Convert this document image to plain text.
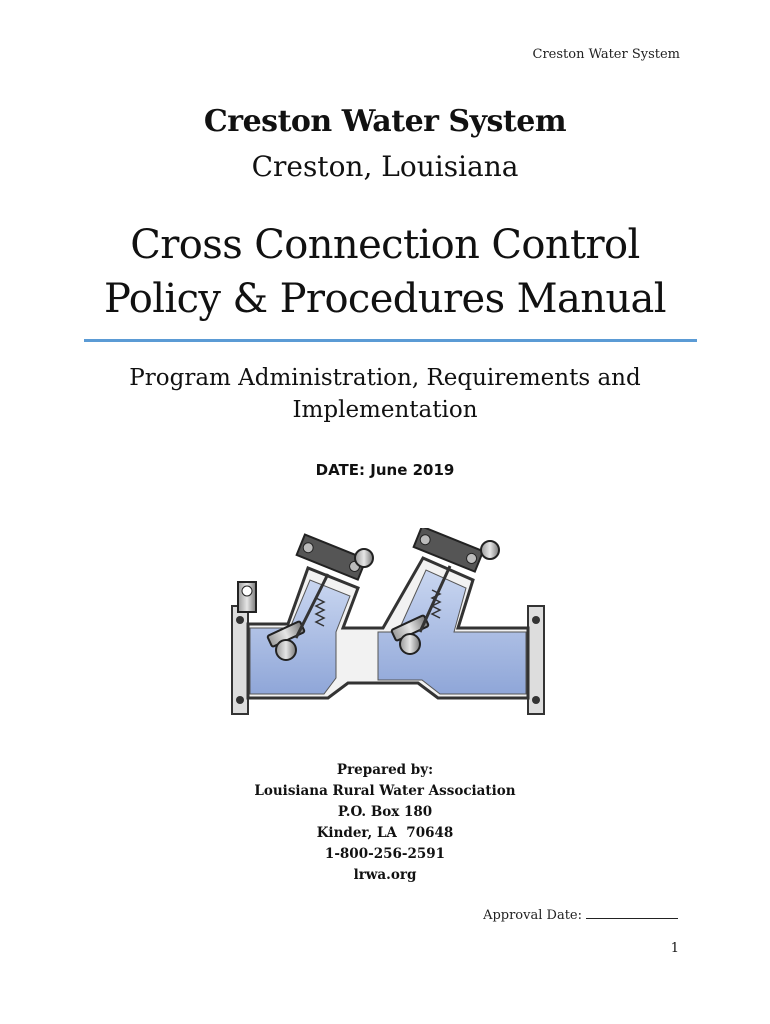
Creston Water System
Creston Water System
Creston, Louisiana
Cross Connection Control
Policy & Procedures Manual
Program Administration, Requirements and
Implementation
DATE: June 2019
Prepared by:
Louisiana Rural Water Association
P.O. Box 180
Kinder, LA  70648
1-800-256-2591
lrwa.org
Approval Date:
1
